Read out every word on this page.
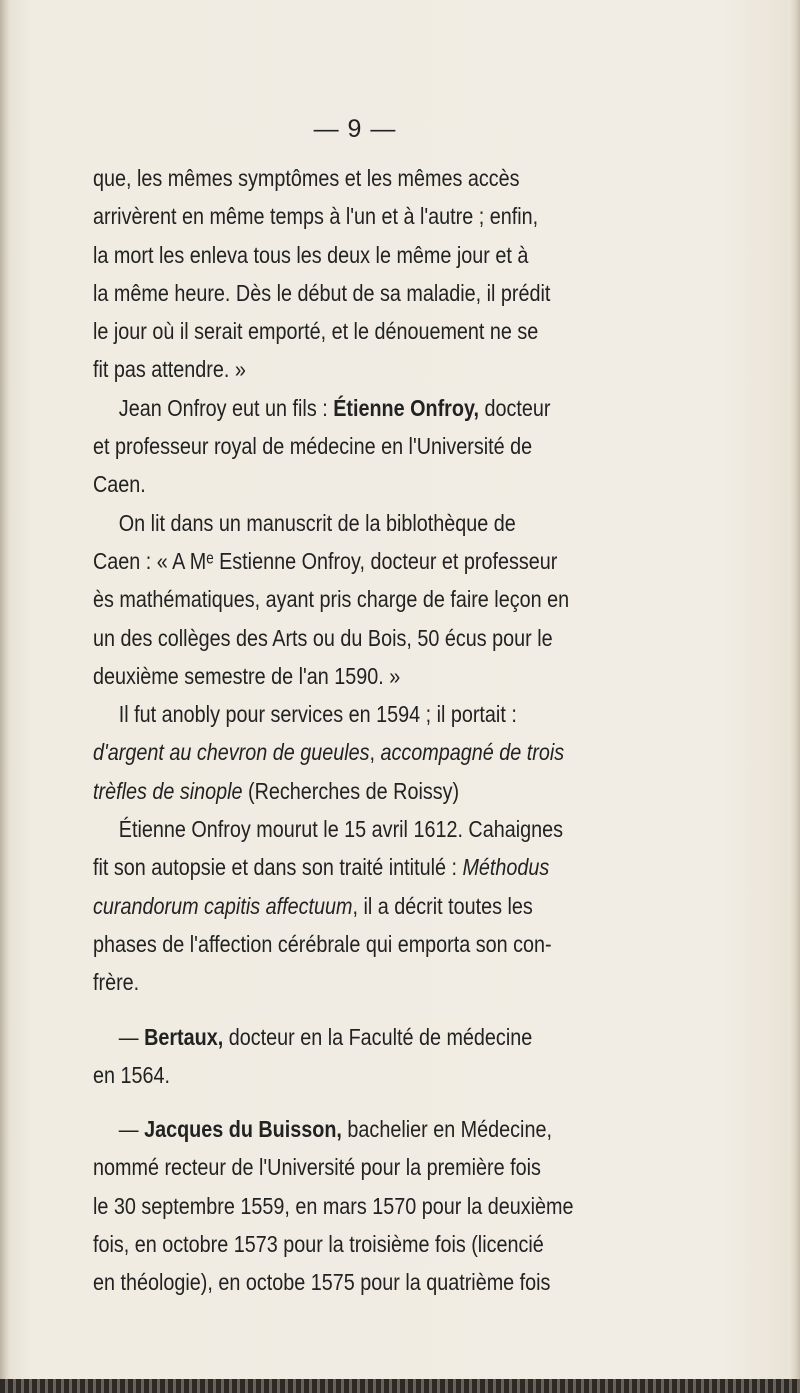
— 9 —
que, les mêmes symptômes et les mêmes accès
arrivèrent en même temps à l'un et à l'autre ; enfin,
la mort les enleva tous les deux le même jour et à
la même heure. Dès le début de sa maladie, il prédit
le jour où il serait emporté, et le dénouement ne se
fit pas attendre. »
Jean Onfroy eut un fils : Étienne Onfroy, docteur
et professeur royal de médecine en l'Université de
Caen.
On lit dans un manuscrit de la biblothèque de
Caen : « A Mᵉ Estienne Onfroy, docteur et professeur
ès mathématiques, ayant pris charge de faire leçon en
un des collèges des Arts ou du Bois, 50 écus pour le
deuxième semestre de l'an 1590. »
Il fut anobly pour services en 1594 ; il portait :
d'argent au chevron de gueules, accompagné de trois
trèfles de sinople (Recherches de Roissy)
Étienne Onfroy mourut le 15 avril 1612. Cahaignes
fit son autopsie et dans son traité intitulé : Méthodus
curandorum capitis affectuum, il a décrit toutes les
phases de l'affection cérébrale qui emporta son con-
frère.
— Bertaux, docteur en la Faculté de médecine
en 1564.
— Jacques du Buisson, bachelier en Médecine,
nommé recteur de l'Université pour la première fois
le 30 septembre 1559, en mars 1570 pour la deuxième
fois, en octobre 1573 pour la troisième fois (licencié
en théologie), en octobe 1575 pour la quatrième fois
